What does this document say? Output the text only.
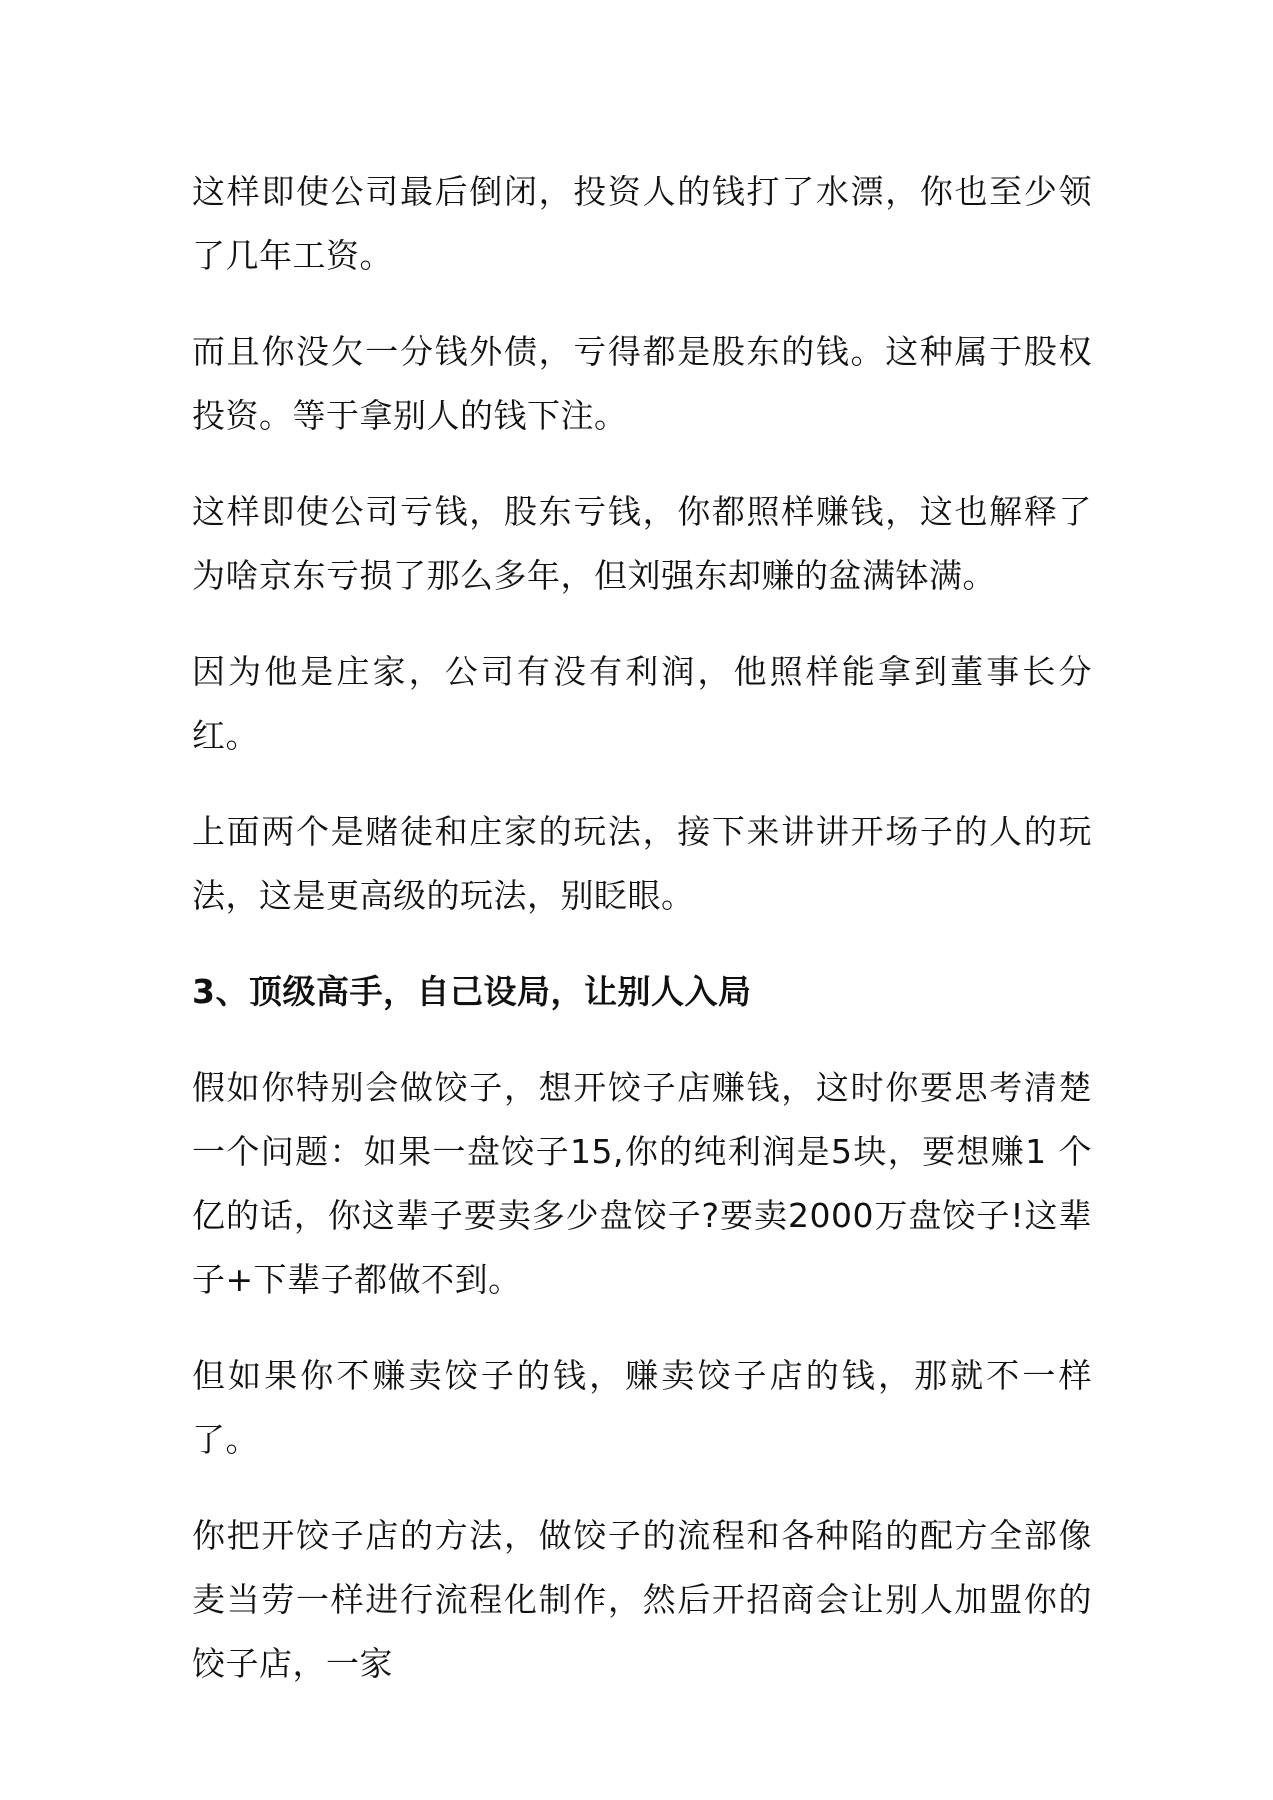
这样即使公司最后倒闭，投资人的钱打了水漂，你也至少领了几年工资。

而且你没欠一分钱外债，亏得都是股东的钱。这种属于股权投资。等于拿别人的钱下注。

这样即使公司亏钱，股东亏钱，你都照样赚钱，这也解释了为啥京东亏损了那么多年，但刘强东却赚的盆满钵满。

因为他是庄家，公司有没有利润，他照样能拿到董事长分红。

上面两个是赌徒和庄家的玩法，接下来讲讲开场子的人的玩法，这是更高级的玩法，别眨眼。

3、顶级高手，自己设局，让别人入局

假如你特别会做饺子，想开饺子店赚钱，这时你要思考清楚一个问题：如果一盘饺子15,你的纯利润是5块，要想赚1 个亿的话，你这辈子要卖多少盘饺子?要卖2000万盘饺子!这辈子+下辈子都做不到。

但如果你不赚卖饺子的钱，赚卖饺子店的钱，那就不一样了。

你把开饺子店的方法，做饺子的流程和各种陷的配方全部像麦当劳一样进行流程化制作，然后开招商会让别人加盟你的饺子店，一家
